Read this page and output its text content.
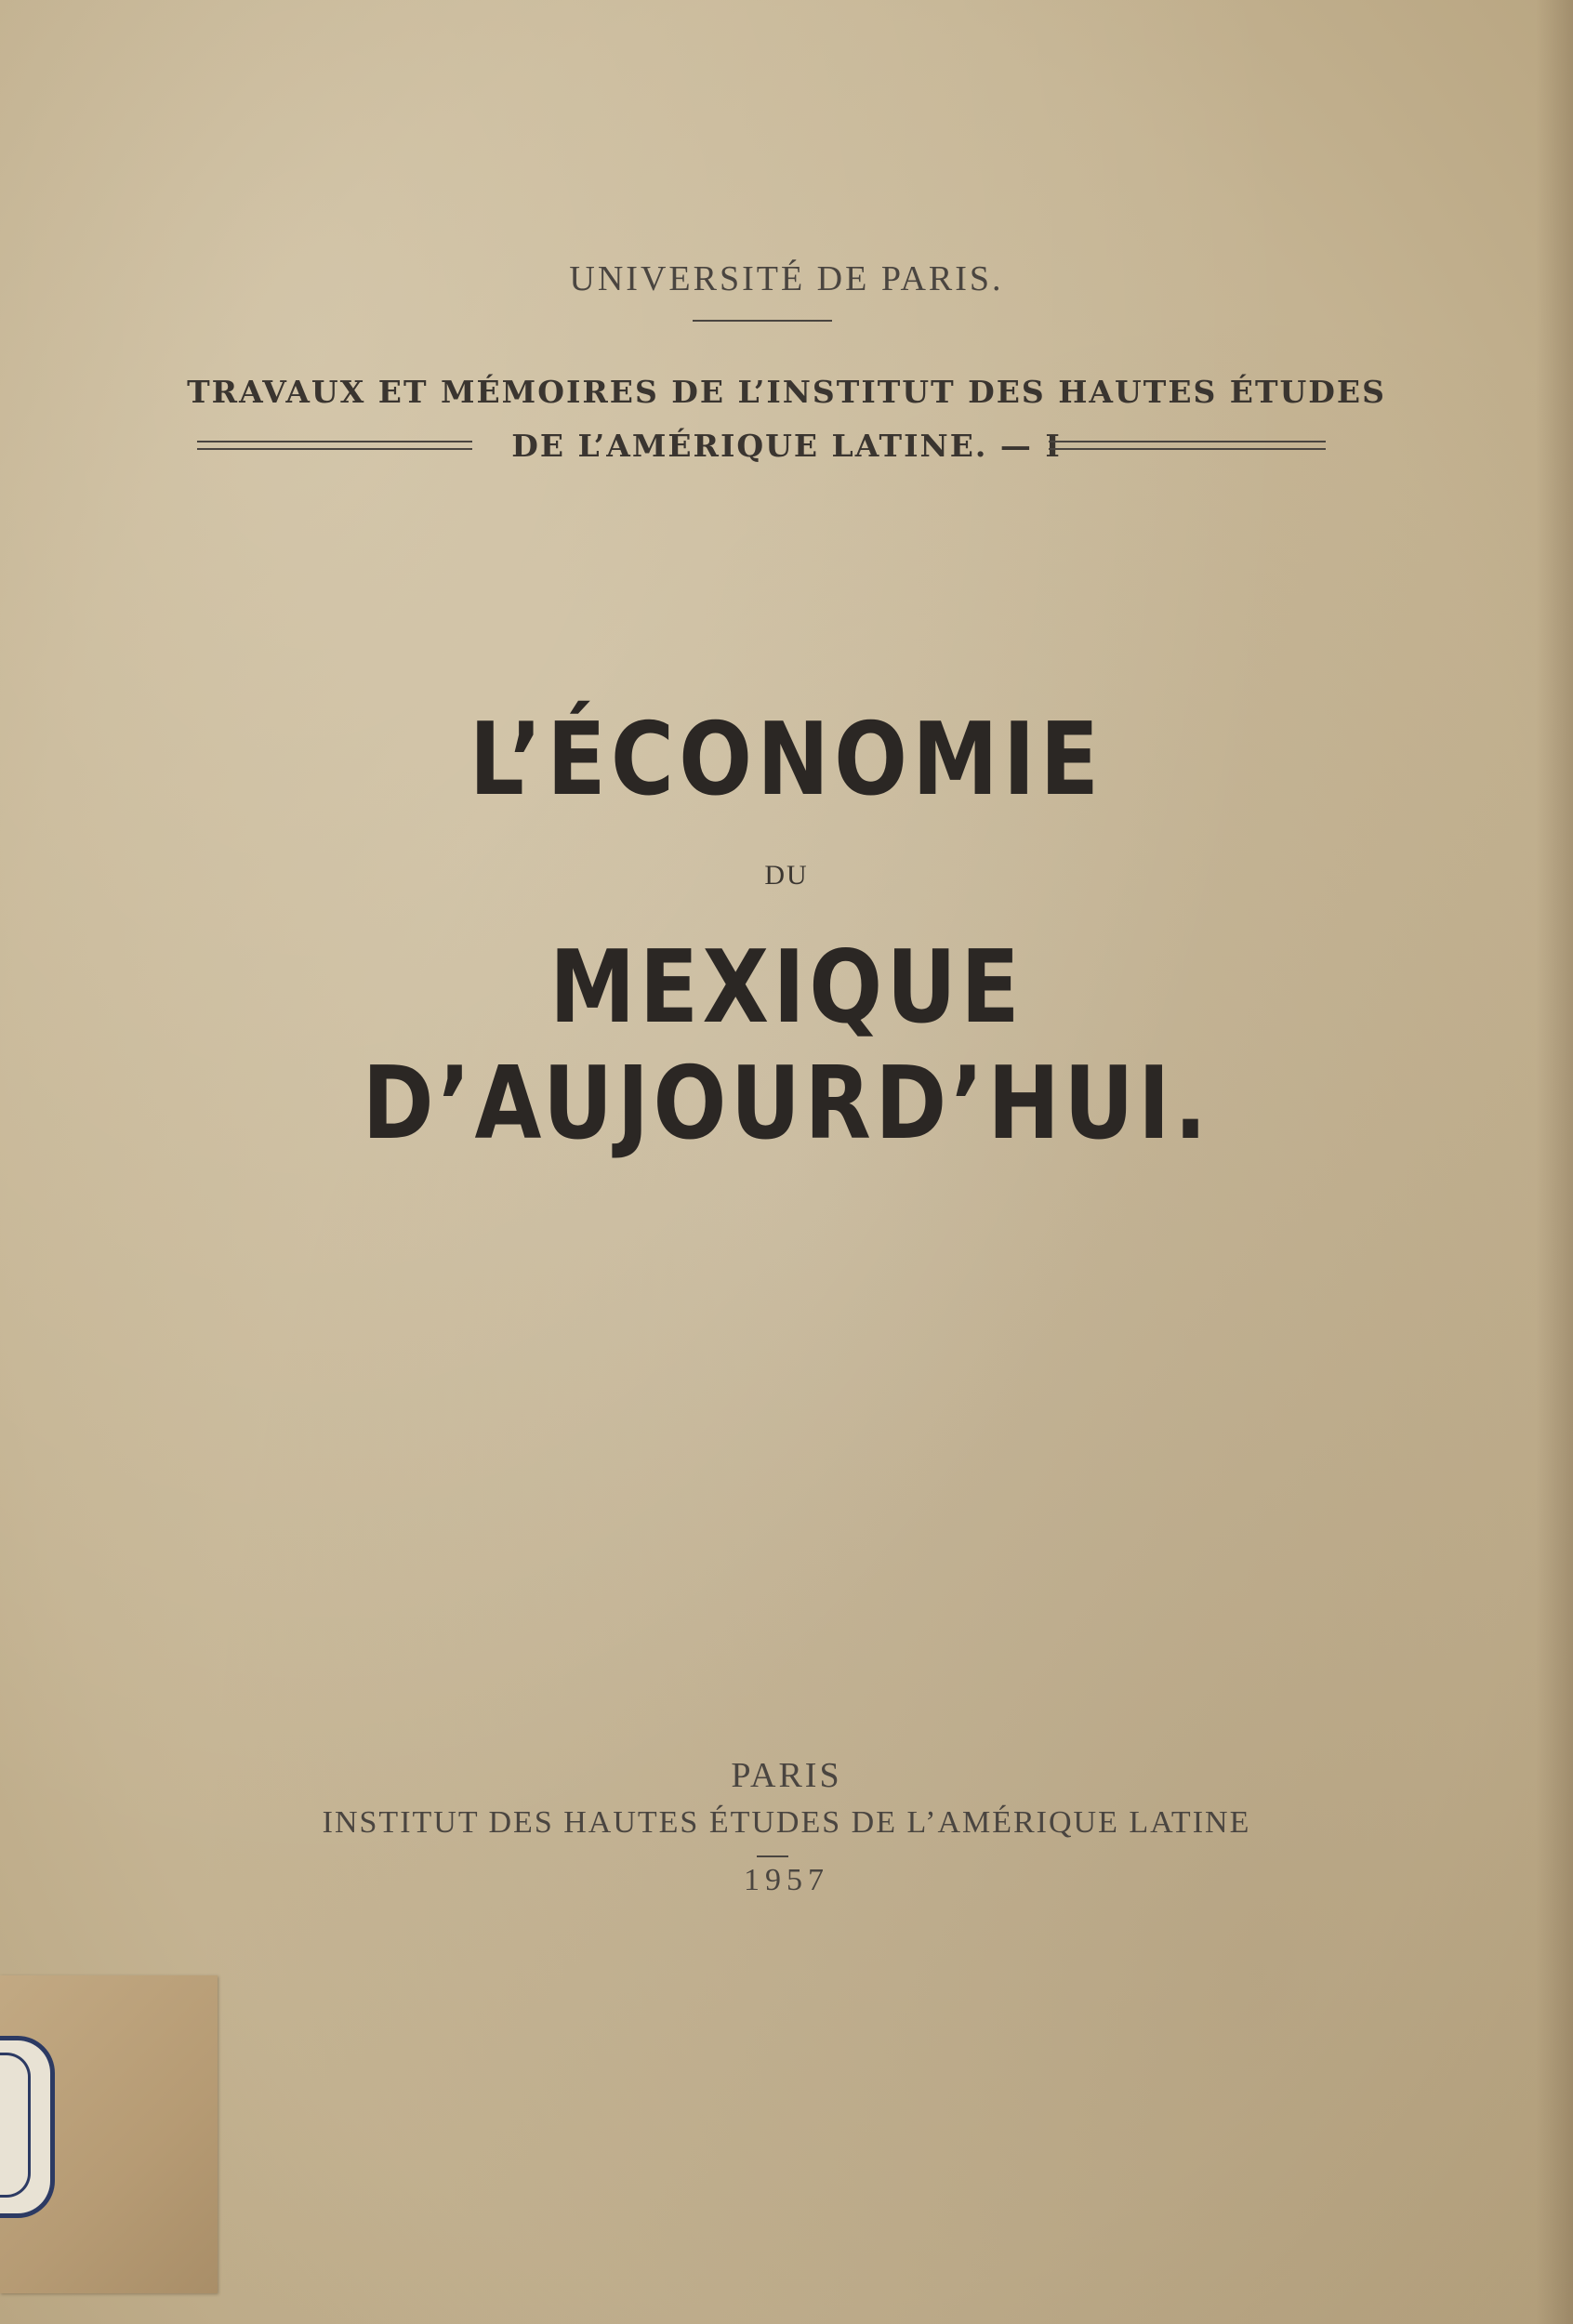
UNIVERSITÉ DE PARIS.
TRAVAUX ET MÉMOIRES DE L’INSTITUT DES HAUTES ÉTUDES
DE L’AMÉRIQUE LATINE. — I
L’ÉCONOMIE
DU
MEXIQUE D’AUJOURD’HUI.
PARIS
INSTITUT DES HAUTES ÉTUDES DE L’AMÉRIQUE LATINE
1957
